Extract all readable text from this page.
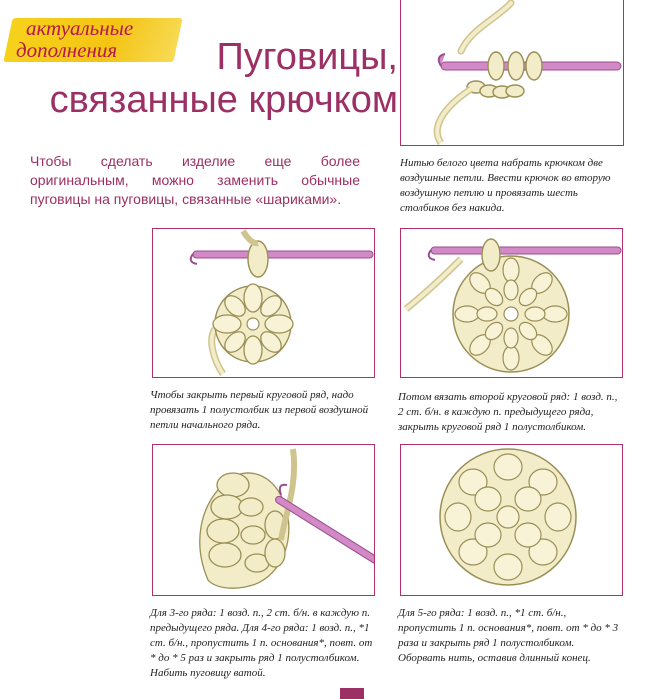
актуальные
дополнения	Пуговицы,
связанные крючком

Чтобы сделать изделие еще более оригинальным, можно заменить обычные пуговицы на пуговицы, связанные «шариками».

Нитью белого цвета набрать крючком две воздушные петли. Ввести крючок во вторую воздушную петлю и провязать шесть столбиков без накида.
Чтобы закрыть первый круговой ряд, надо провязать 1 полустолбик из первой воздушной петли начального ряда.
Потом вязать второй круговой ряд: 1 возд. п., 2 ст. б/н. в каждую п. предыдущего ряда, закрыть круговой ряд 1 полустолбиком.
Для 3-го ряда: 1 возд. п., 2 ст. б/н. в каждую п. предыдущего ряда. Для 4-го ряда: 1 возд. п., *1 ст. б/н., пропустить 1 п. основания*, повт. от * до * 5 раз и закрыть ряд 1 полустолбиком. Набить пуговицу ватой.
Для 5-го ряда: 1 возд. п., *1 ст. б/н., пропустить 1 п. основания*, повт. от * до * 3 раза и закрыть ряд 1 полустолбиком. Оборвать нить, оставив длинный конец.
